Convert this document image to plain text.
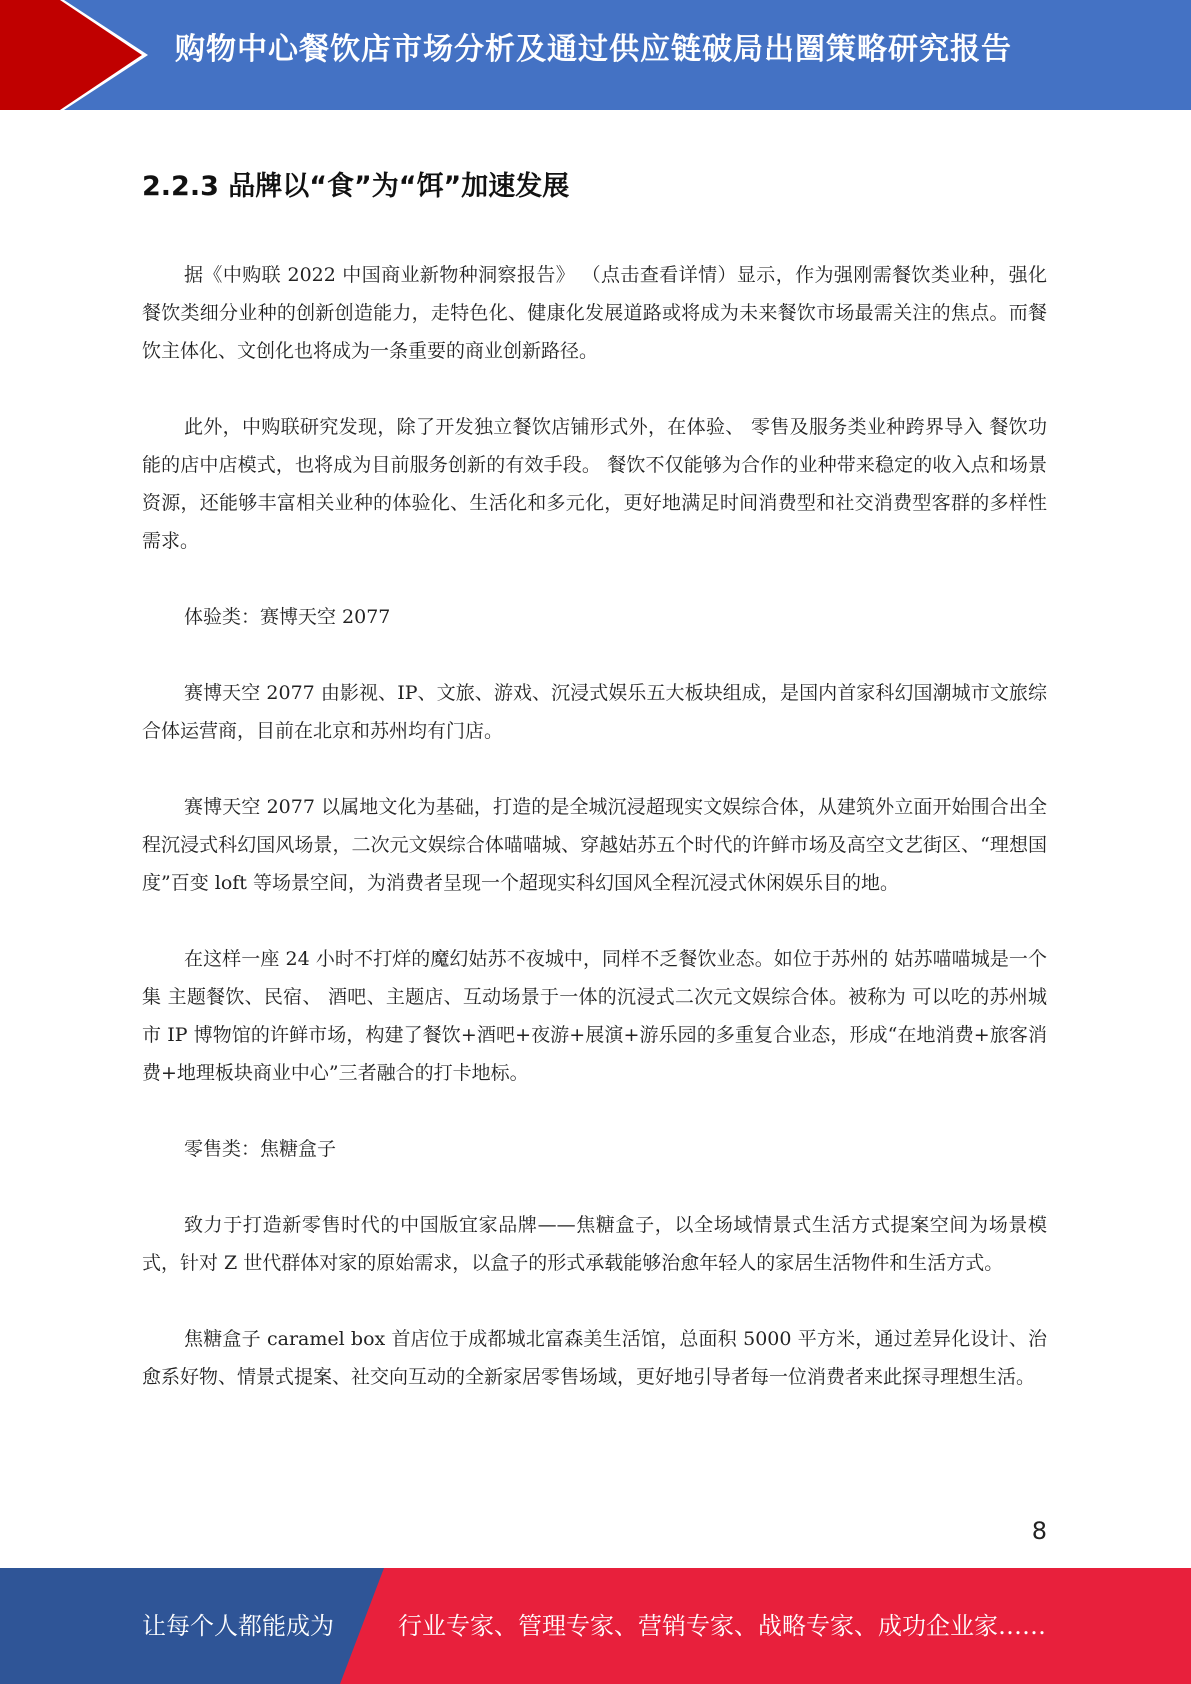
购物中心餐饮店市场分析及通过供应链破局出圈策略研究报告
2.2.3 品牌以“食”为“饵”加速发展

据《中购联 2022 中国商业新物种洞察报告》 （点击查看详情）显示，作为强刚需餐饮类业种，强化餐饮类细分业种的创新创造能力，走特色化、健康化发展道路或将成为未来餐饮市场最需关注的焦点。而餐饮主体化、文创化也将成为一条重要的商业创新路径。

此外，中购联研究发现，除了开发独立餐饮店铺形式外，在体验、 零售及服务类业种跨界导入 餐饮功能的店中店模式，也将成为目前服务创新的有效手段。 餐饮不仅能够为合作的业种带来稳定的收入点和场景资源，还能够丰富相关业种的体验化、生活化和多元化，更好地满足时间消费型和社交消费型客群的多样性需求。

体验类：赛博天空 2077

赛博天空 2077 由影视、IP、文旅、游戏、沉浸式娱乐五大板块组成，是国内首家科幻国潮城市文旅综合体运营商，目前在北京和苏州均有门店。

赛博天空 2077 以属地文化为基础，打造的是全城沉浸超现实文娱综合体，从建筑外立面开始围合出全程沉浸式科幻国风场景，二次元文娱综合体喵喵城、穿越姑苏五个时代的许鲜市场及高空文艺街区、“理想国度”百变 loft 等场景空间，为消费者呈现一个超现实科幻国风全程沉浸式休闲娱乐目的地。

在这样一座 24 小时不打烊的魔幻姑苏不夜城中，同样不乏餐饮业态。如位于苏州的 姑苏喵喵城是一个集 主题餐饮、民宿、 酒吧、主题店、互动场景于一体的沉浸式二次元文娱综合体。被称为 可以吃的苏州城市 IP 博物馆的许鲜市场，构建了餐饮+酒吧+夜游+展演+游乐园的多重复合业态，形成“在地消费+旅客消费+地理板块商业中心”三者融合的打卡地标。

零售类：焦糖盒子

致力于打造新零售时代的中国版宜家品牌——焦糖盒子，以全场域情景式生活方式提案空间为场景模式，针对 Z 世代群体对家的原始需求，以盒子的形式承载能够治愈年轻人的家居生活物件和生活方式。

焦糖盒子 caramel box 首店位于成都城北富森美生活馆，总面积 5000 平方米，通过差异化设计、治愈系好物、情景式提案、社交向互动的全新家居零售场域，更好地引导者每一位消费者来此探寻理想生活。

8
让每个人都能成为	行业专家、管理专家、营销专家、战略专家、成功企业家……
